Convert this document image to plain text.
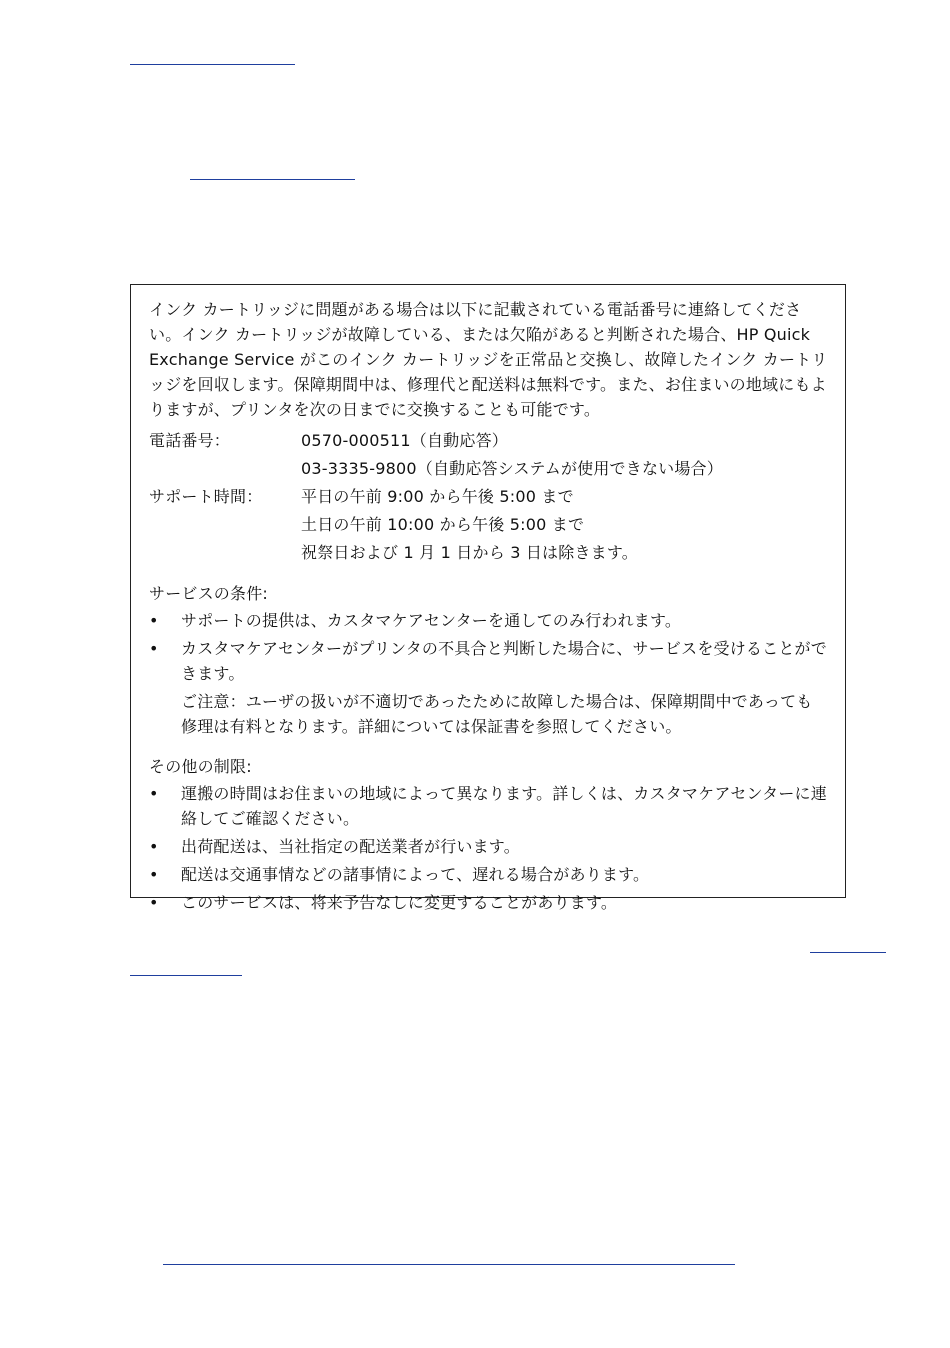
インク カートリッジに問題がある場合は以下に記載されている電話番号に連絡してください。インク カートリッジが故障している、または欠陥があると判断された場合、HP Quick Exchange Service がこのインク カートリッジを正常品と交換し、故障したインク カートリッジを回収します。保障期間中は、修理代と配送料は無料です。また、お住まいの地域にもよりますが、プリンタを次の日までに交換することも可能です。
電話番号：	0570-000511（自動応答）
03-3335-9800（自動応答システムが使用できない場合）
サポート時間：	平日の午前 9:00 から午後 5:00 まで
土日の午前 10:00 から午後 5:00 まで
祝祭日および 1 月 1 日から 3 日は除きます。
サービスの条件:
•	サポートの提供は、カスタマケアセンターを通してのみ行われます。
•	カスタマケアセンターがプリンタの不具合と判断した場合に、サービスを受けることができます。
ご注意：ユーザの扱いが不適切であったために故障した場合は、保障期間中であっても修理は有料となります。詳細については保証書を参照してください。
その他の制限:
•	運搬の時間はお住まいの地域によって異なります。詳しくは、カスタマケアセンターに連絡してご確認ください。
•	出荷配送は、当社指定の配送業者が行います。
•	配送は交通事情などの諸事情によって、遅れる場合があります。
•	このサービスは、将来予告なしに変更することがあります。
